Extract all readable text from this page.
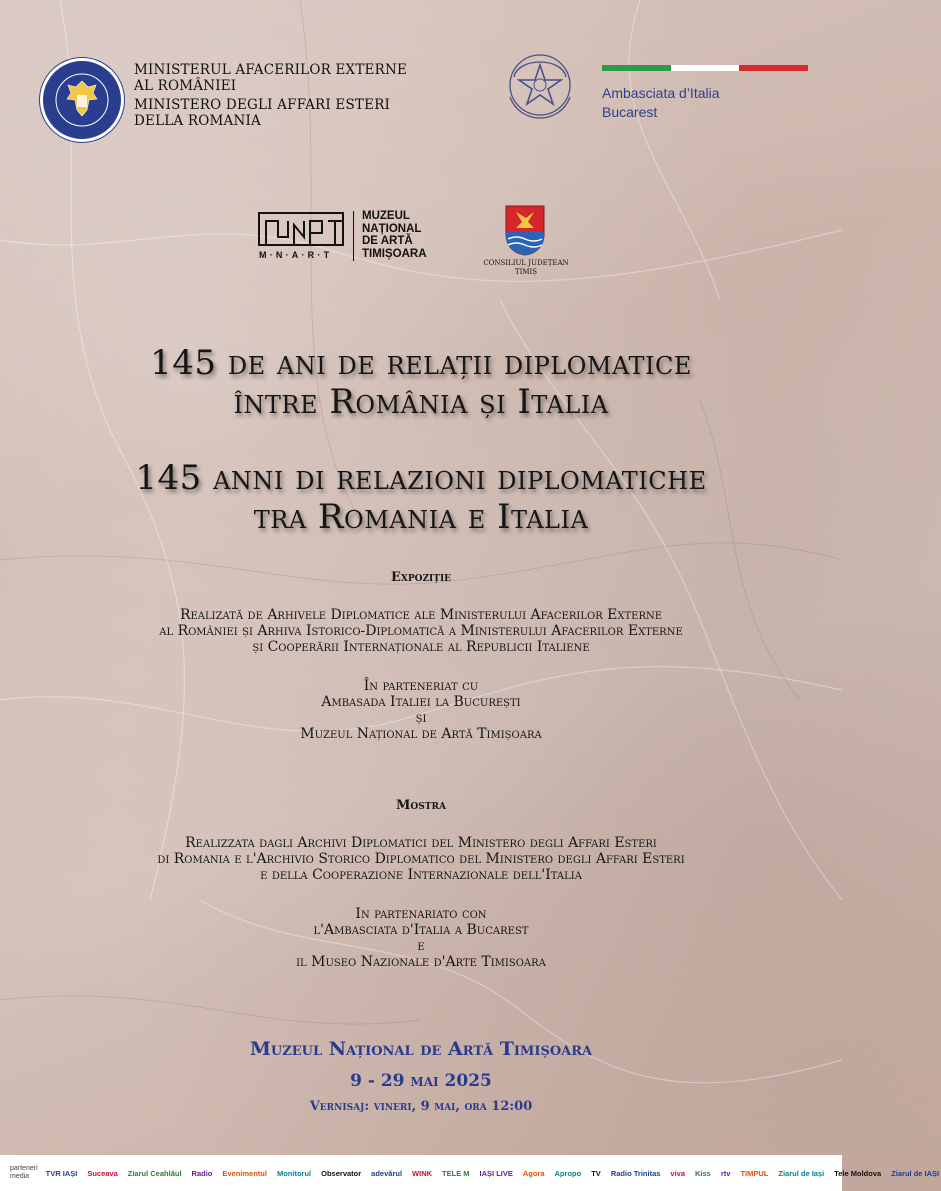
MINISTERUL AFACERILOR EXTERNE
AL ROMÂNIEI
MINISTERO DEGLI AFFARI ESTERI
DELLA ROMANIA
Ambasciata d’Italia
Bucarest
M·N·A·R·T
MUZEUL
NAȚIONAL
DE ARTĂ
TIMIȘOARA
CONSILIUL JUDEȚEAN
TIMIȘ
145 de ani de relații diplomatice
între România și Italia
145 anni di relazioni diplomatiche
tra Romania e Italia
Expoziție
Realizată de Arhivele Diplomatice ale Ministerului Afacerilor Externe
al României și Arhiva Istorico-Diplomatică a Ministerului Afacerilor Externe
și Cooperării Internaționale al Republicii Italiene
În parteneriat cu
Ambasada Italiei la București
și
Muzeul Național de Artă Timișoara
Mostra
Realizzata dagli Archivi Diplomatici del Ministero degli Affari Esteri
di Romania e l'Archivio Storico Diplomatico del Ministero degli Affari Esteri
e della Cooperazione Internazionale dell'Italia
In partenariato con
l'Ambasciata d'Italia a Bucarest
e
il Museo Nazionale d'Arte Timisoara
Muzeul Național de Artă Timișoara
9 - 29 mai 2025
Vernisaj: vineri, 9 mai, ora 12:00
parteneri media	TVR IAȘI Suceava Ziarul Ceahlăul Radio Evenimentul Monitorul Observator adevărul WINK TELE M IAȘI LIVE Agora Apropo TV Radio Trinitas viva Kiss rtv TIMPUL Ziarul de Iași Tele Moldova Ziarul de IAȘI
